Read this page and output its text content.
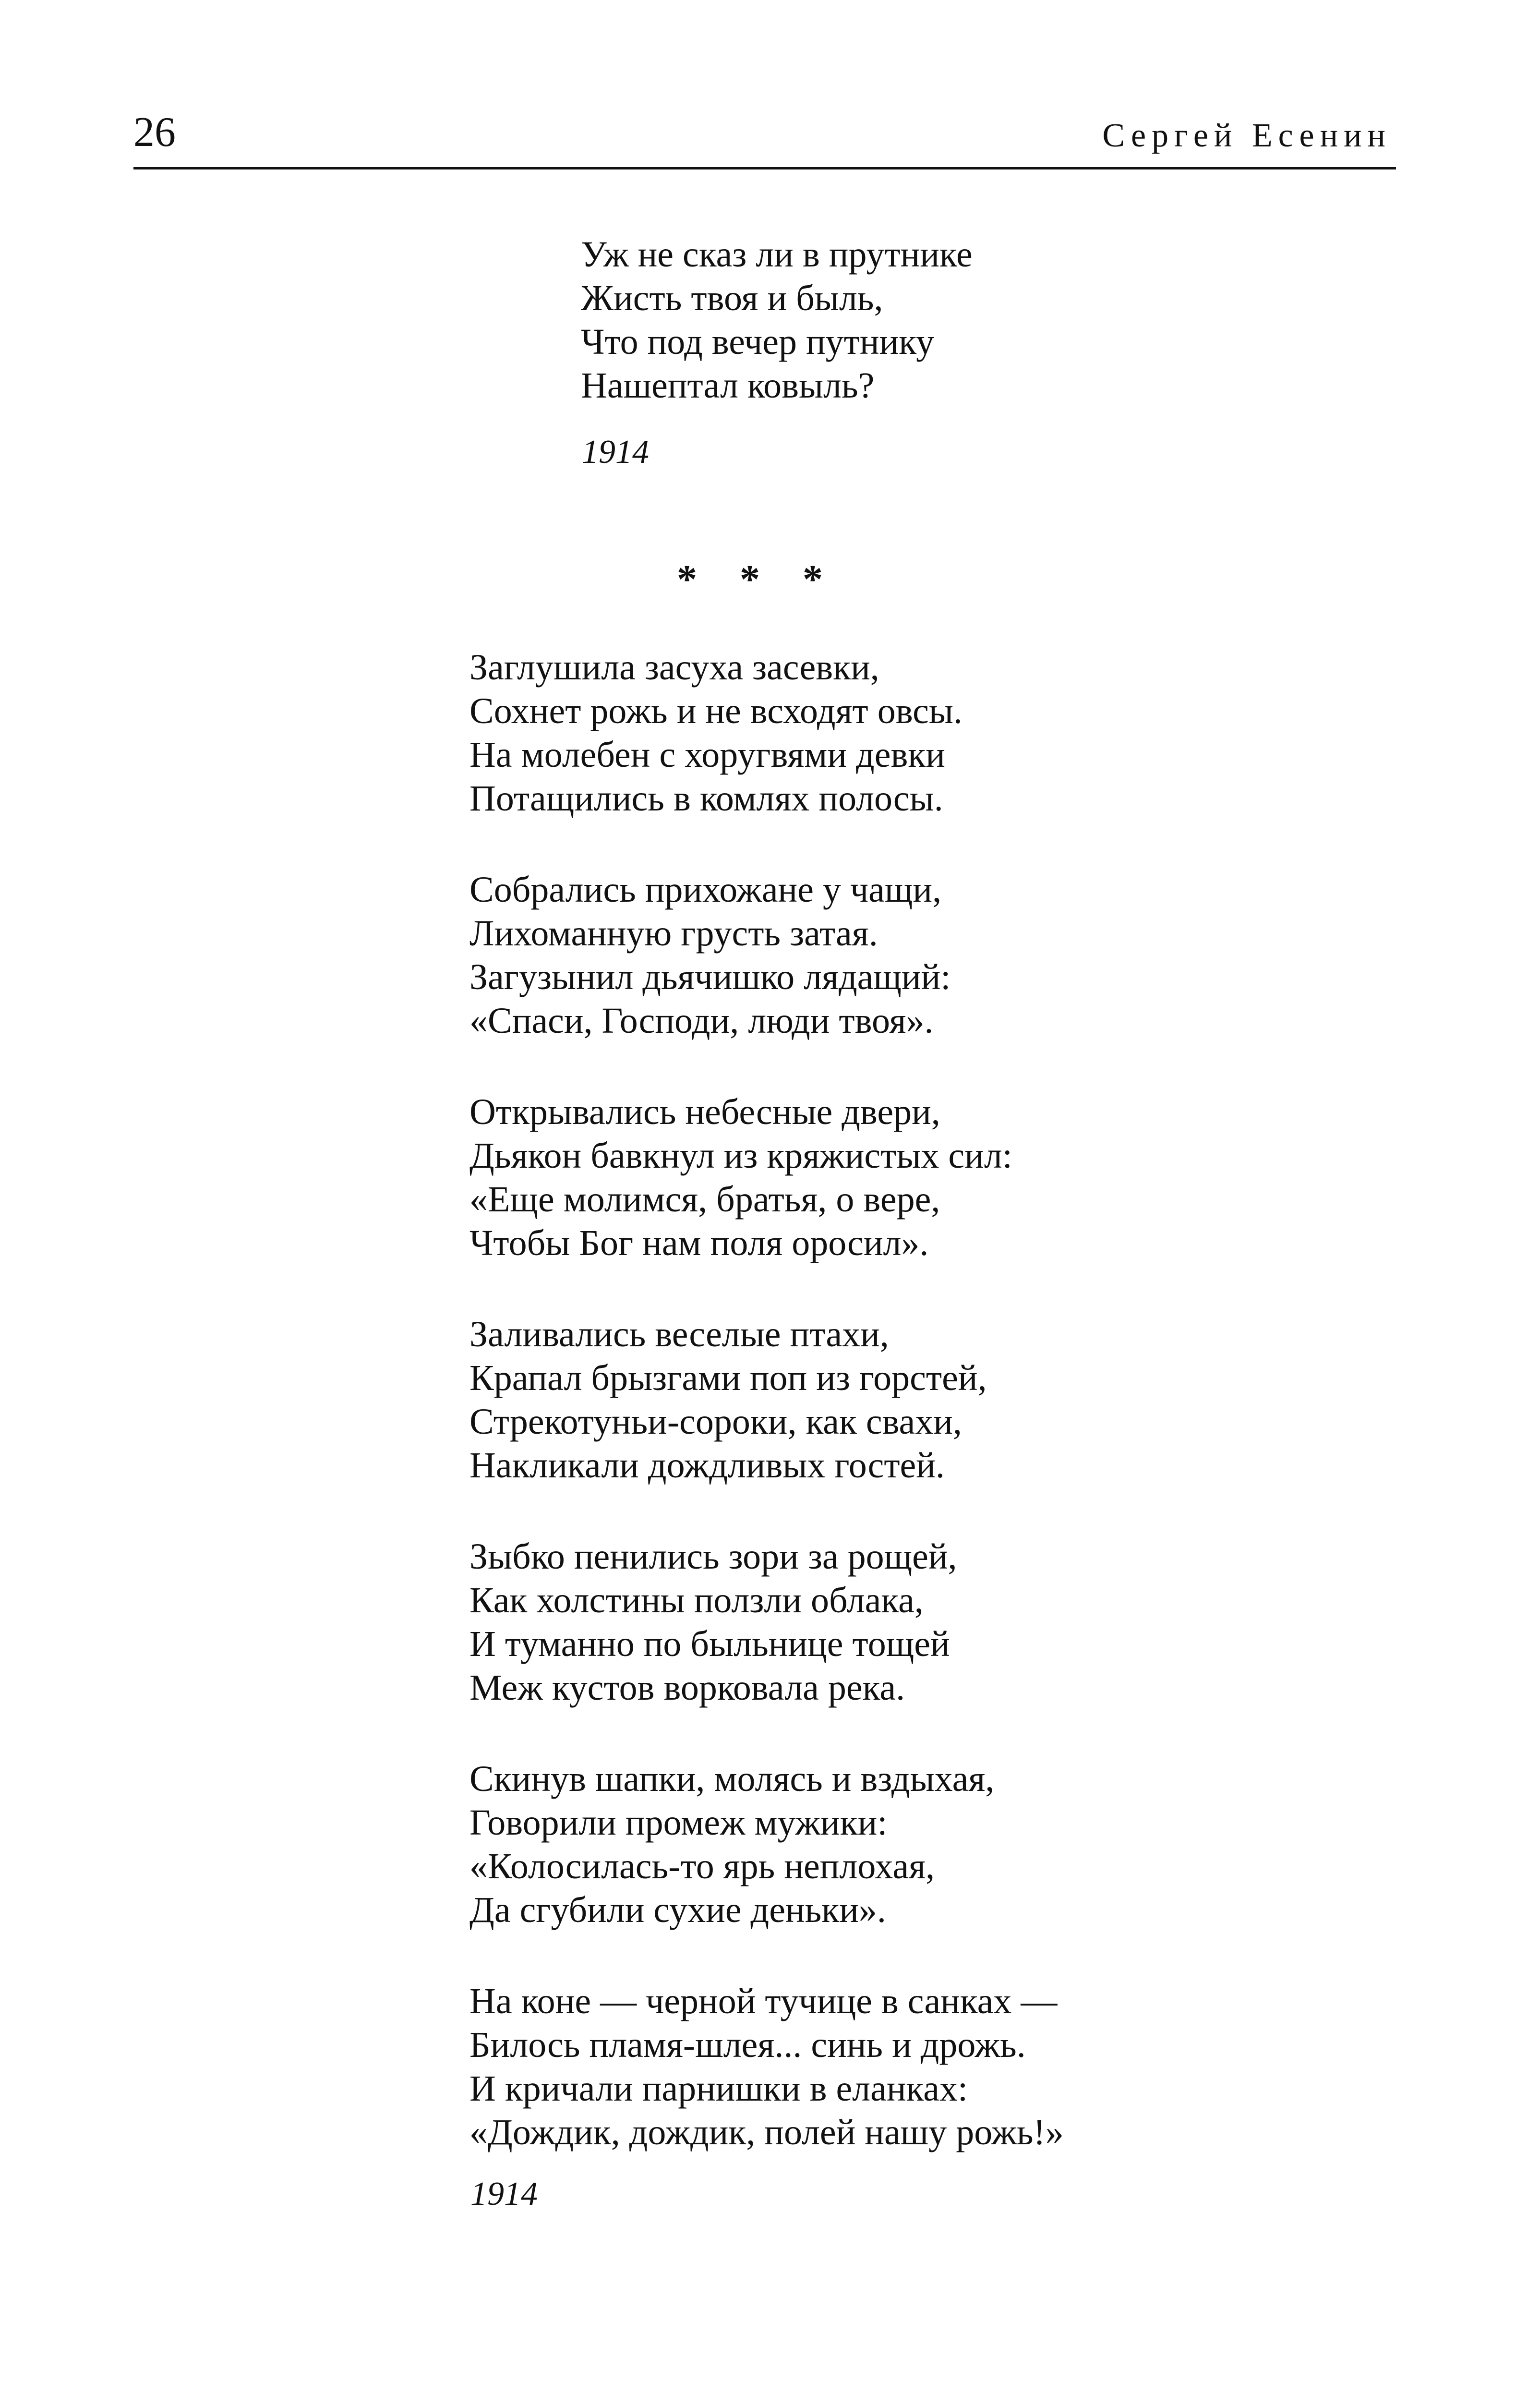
26	Сергей Есенин
Уж не сказ ли в прутнике
Жисть твоя и быль,
Что под вечер путнику
Нашептал ковыль?
1914
* * *
Заглушила засуха засевки,
Сохнет рожь и не всходят овсы.
На молебен с хоругвями девки
Потащились в комлях полосы.
Собрались прихожане у чащи,
Лихоманную грусть затая.
Загузынил дьячишко лядащий:
«Спаси, Господи, люди твоя».
Открывались небесные двери,
Дьякон бавкнул из кряжистых сил:
«Еще молимся, братья, о вере,
Чтобы Бог нам поля оросил».
Заливались веселые птахи,
Крапал брызгами поп из горстей,
Стрекотуньи-сороки, как свахи,
Накликали дождливых гостей.
Зыбко пенились зори за рощей,
Как холстины ползли облака,
И туманно по быльнице тощей
Меж кустов ворковала река.
Скинув шапки, молясь и вздыхая,
Говорили промеж мужики:
«Колосилась-то ярь неплохая,
Да сгубили сухие деньки».
На коне — черной тучице в санках —
Билось пламя-шлея... синь и дрожь.
И кричали парнишки в еланках:
«Дождик, дождик, полей нашу рожь!»
1914
